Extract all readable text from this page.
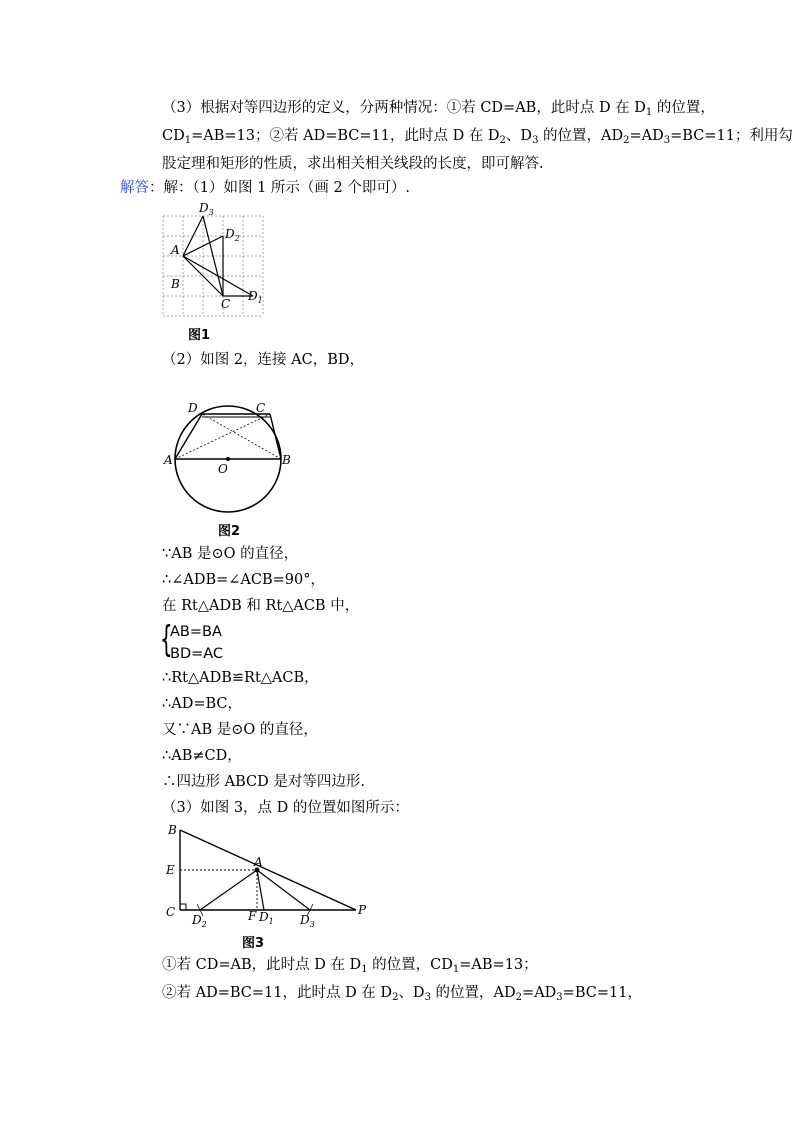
（3）根据对等四边形的定义，分两种情况：①若 CD=AB，此时点 D 在 $D_1$ 的位置，
$CD_1=AB=13$；②若 AD=BC=11，此时点 D 在 $D_2$、$D_3$ 的位置，$AD_2=AD_3=BC=11$；利用勾
股定理和矩形的性质，求出相关相关线段的长度，即可解答.
解答：解：（1）如图 1 所示（画 2 个即可）.
$D_3$
$D_2$
A
B
C
$D_1$
图1
（2）如图 2，连接 AC，BD，
D	C
A	B
O
图2
∵AB 是⊙O 的直径，
∴∠ADB=∠ACB=90°，
在 Rt△ADB 和 Rt△ACB 中，
{
AB=BA
BD=AC
∴Rt△ADB≌Rt△ACB，
∴AD=BC，
又∵AB 是⊙O 的直径，
∴AB≠CD，
∴四边形 ABCD 是对等四边形.
（3）如图 3，点 D 的位置如图所示：
B
E
A
C
$D_2$
F $D_1$ $D_3$
P
图3
①若 CD=AB，此时点 D 在 $D_1$ 的位置，$CD_1=AB=13$；
②若 AD=BC=11，此时点 D 在 $D_2$、$D_3$ 的位置，$AD_2=AD_3=BC=11$，
